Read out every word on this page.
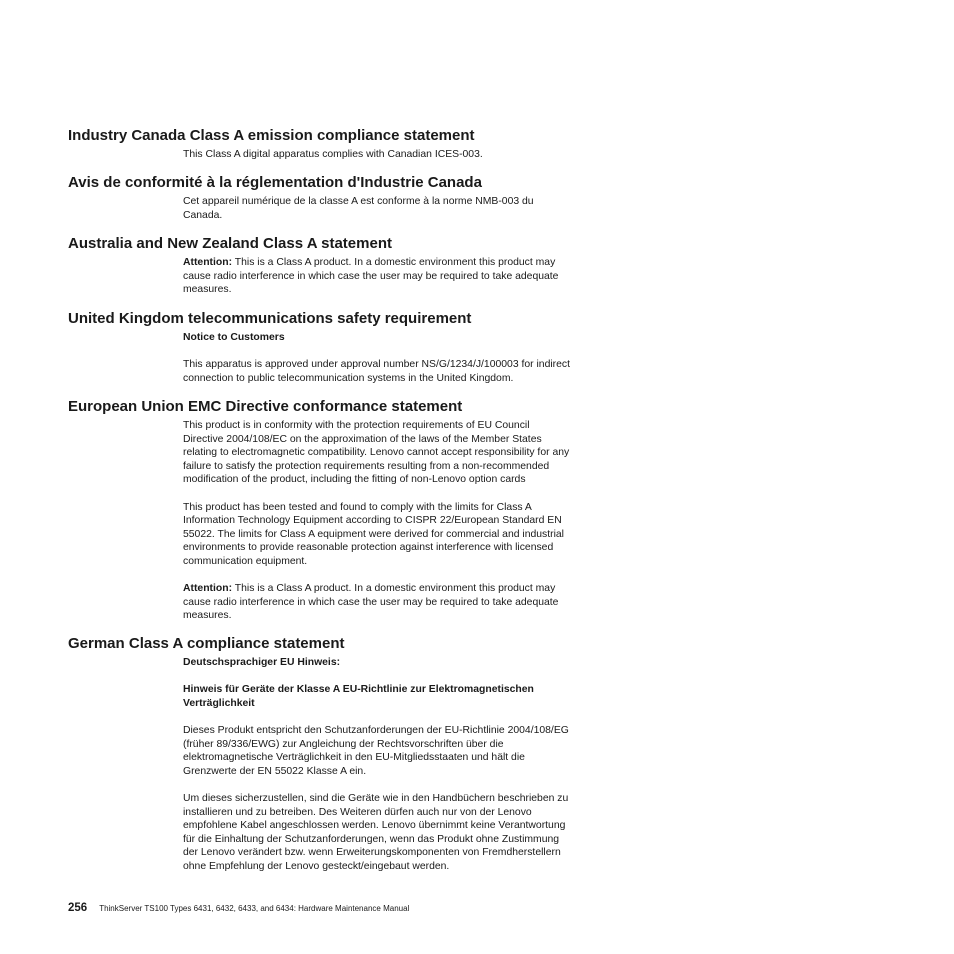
Industry Canada Class A emission compliance statement

This Class A digital apparatus complies with Canadian ICES-003.

Avis de conformité à la réglementation d'Industrie Canada

Cet appareil numérique de la classe A est conforme à la norme NMB-003 du

Canada.

Australia and New Zealand Class A statement

Attention: This is a Class A product. In a domestic environment this product may

cause radio interference in which case the user may be required to take adequate

measures.

United Kingdom telecommunications safety requirement

Notice to Customers

This apparatus is approved under approval number NS/G/1234/J/100003 for indirect

connection to public telecommunication systems in the United Kingdom.

European Union EMC Directive conformance statement

This product is in conformity with the protection requirements of EU Council

Directive 2004/108/EC on the approximation of the laws of the Member States

relating to electromagnetic compatibility. Lenovo cannot accept responsibility for any

failure to satisfy the protection requirements resulting from a non-recommended

modification of the product, including the fitting of non-Lenovo option cards

This product has been tested and found to comply with the limits for Class A

Information Technology Equipment according to CISPR 22/European Standard EN

55022. The limits for Class A equipment were derived for commercial and industrial

environments to provide reasonable protection against interference with licensed

communication equipment.

Attention: This is a Class A product. In a domestic environment this product may

cause radio interference in which case the user may be required to take adequate

measures.

German Class A compliance statement

Deutschsprachiger EU Hinweis:

Hinweis für Geräte der Klasse A EU-Richtlinie zur Elektromagnetischen

Verträglichkeit

Dieses Produkt entspricht den Schutzanforderungen der EU-Richtlinie 2004/108/EG

(früher 89/336/EWG) zur Angleichung der Rechtsvorschriften über die

elektromagnetische Verträglichkeit in den EU-Mitgliedsstaaten und hält die

Grenzwerte der EN 55022 Klasse A ein.

Um dieses sicherzustellen, sind die Geräte wie in den Handbüchern beschrieben zu

installieren und zu betreiben. Des Weiteren dürfen auch nur von der Lenovo

empfohlene Kabel angeschlossen werden. Lenovo übernimmt keine Verantwortung

für die Einhaltung der Schutzanforderungen, wenn das Produkt ohne Zustimmung

der Lenovo verändert bzw. wenn Erweiterungskomponenten von Fremdherstellern

ohne Empfehlung der Lenovo gesteckt/eingebaut werden.

256 ThinkServer TS100 Types 6431, 6432, 6433, and 6434: Hardware Maintenance Manual
